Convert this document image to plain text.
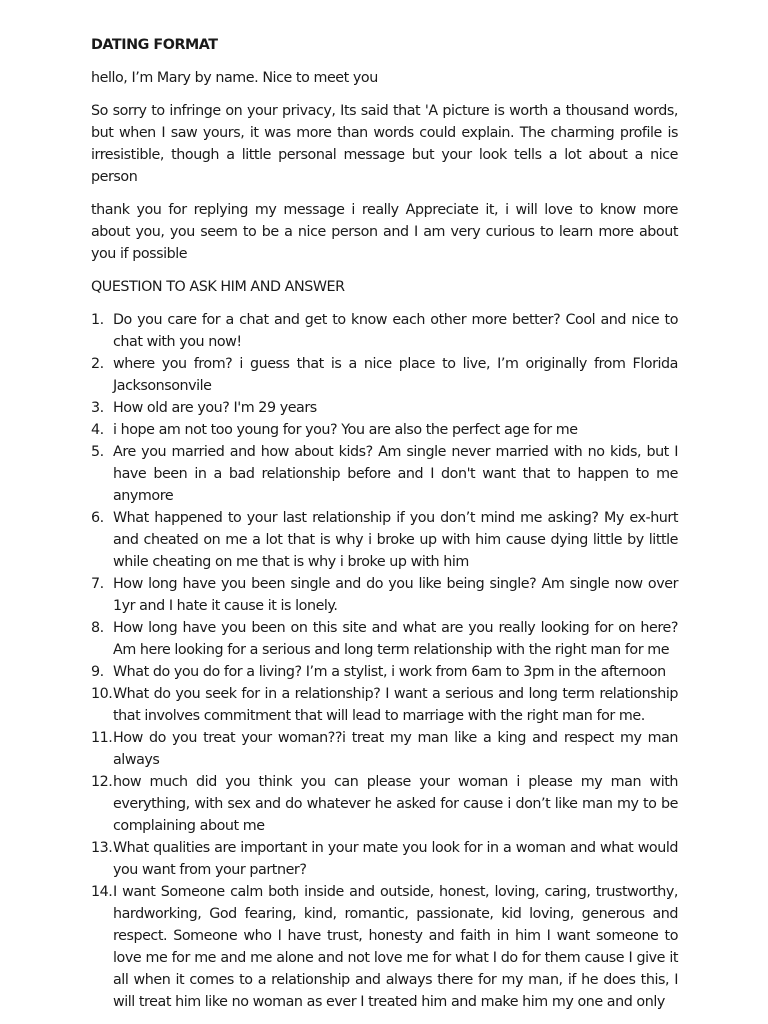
DATING FORMAT

hello, I’m Mary by name. Nice to meet you

So sorry to infringe on your privacy, Its said that 'A picture is worth a thousand words, but when I saw yours, it was more than words could explain. The charming profile is irresistible, though a little personal message but your look tells a lot about a nice person

thank you for replying my message i really Appreciate it, i will love to know more about you, you seem to be a nice person and I am very curious to learn more about you if possible

QUESTION TO ASK HIM AND ANSWER
1. Do you care for a chat and get to know each other more better? Cool and nice to chat with you now!
2. where you from? i guess that is a nice place to live, I’m originally from Florida Jacksonsonvile
3. How old are you? I'm 29 years
4. i hope am not too young for you? You are also the perfect age for me
5. Are you married and how about kids? Am single never married with no kids, but I have been in a bad relationship before and I don't want that to happen to me anymore
6. What happened to your last relationship if you don’t mind me asking? My ex-hurt and cheated on me a lot that is why i broke up with him cause dying little by little while cheating on me that is why i broke up with him
7. How long have you been single and do you like being single? Am single now over 1yr and I hate it cause it is lonely.
8. How long have you been on this site and what are you really looking for on here? Am here looking for a serious and long term relationship with the right man for me
9. What do you do for a living? I’m a stylist, i work from 6am to 3pm in the afternoon
10. What do you seek for in a relationship? I want a serious and long term relationship that involves commitment that will lead to marriage with the right man for me.
11. How do you treat your woman??i treat my man like a king and respect my man always
12. how much did you think you can please your woman i please my man with everything, with sex and do whatever he asked for cause i don’t like man my to be complaining about me
13. What qualities are important in your mate you look for in a woman and what would you want from your partner?
14. I want Someone calm both inside and outside, honest, loving, caring, trustworthy, hardworking, God fearing, kind, romantic, passionate, kid loving, generous and respect. Someone who I have trust, honesty and faith in him I want someone to love me for me and me alone and not love me for what I do for them cause I give it all when it comes to a relationship and always there for my man, if he does this, I will treat him like no woman as ever I treated him and make him my one and only
